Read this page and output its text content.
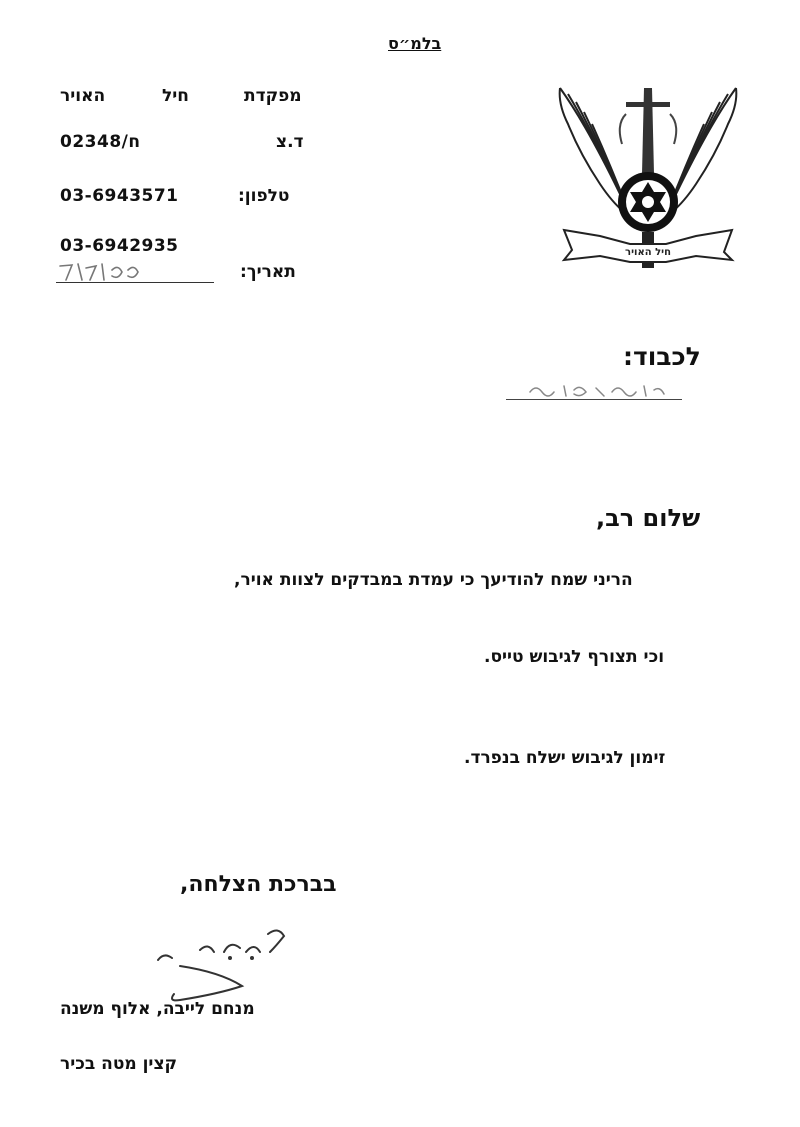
בלמ״ס
מפקדת
חיל
האויר
ד.צ
02348/ח
טלפון:
03-6943571
03-6942935
תאריך:
חיל האויר
לכבוד:
שלום רב,
הריני שמח להודיעך כי עמדת במבדקים לצוות אויר,
וכי תצורף לגיבוש טייס.
זימון לגיבוש ישלח בנפרד.
בברכת הצלחה,
מנחם לייבה, אלוף משנה
קצין מטה בכיר
